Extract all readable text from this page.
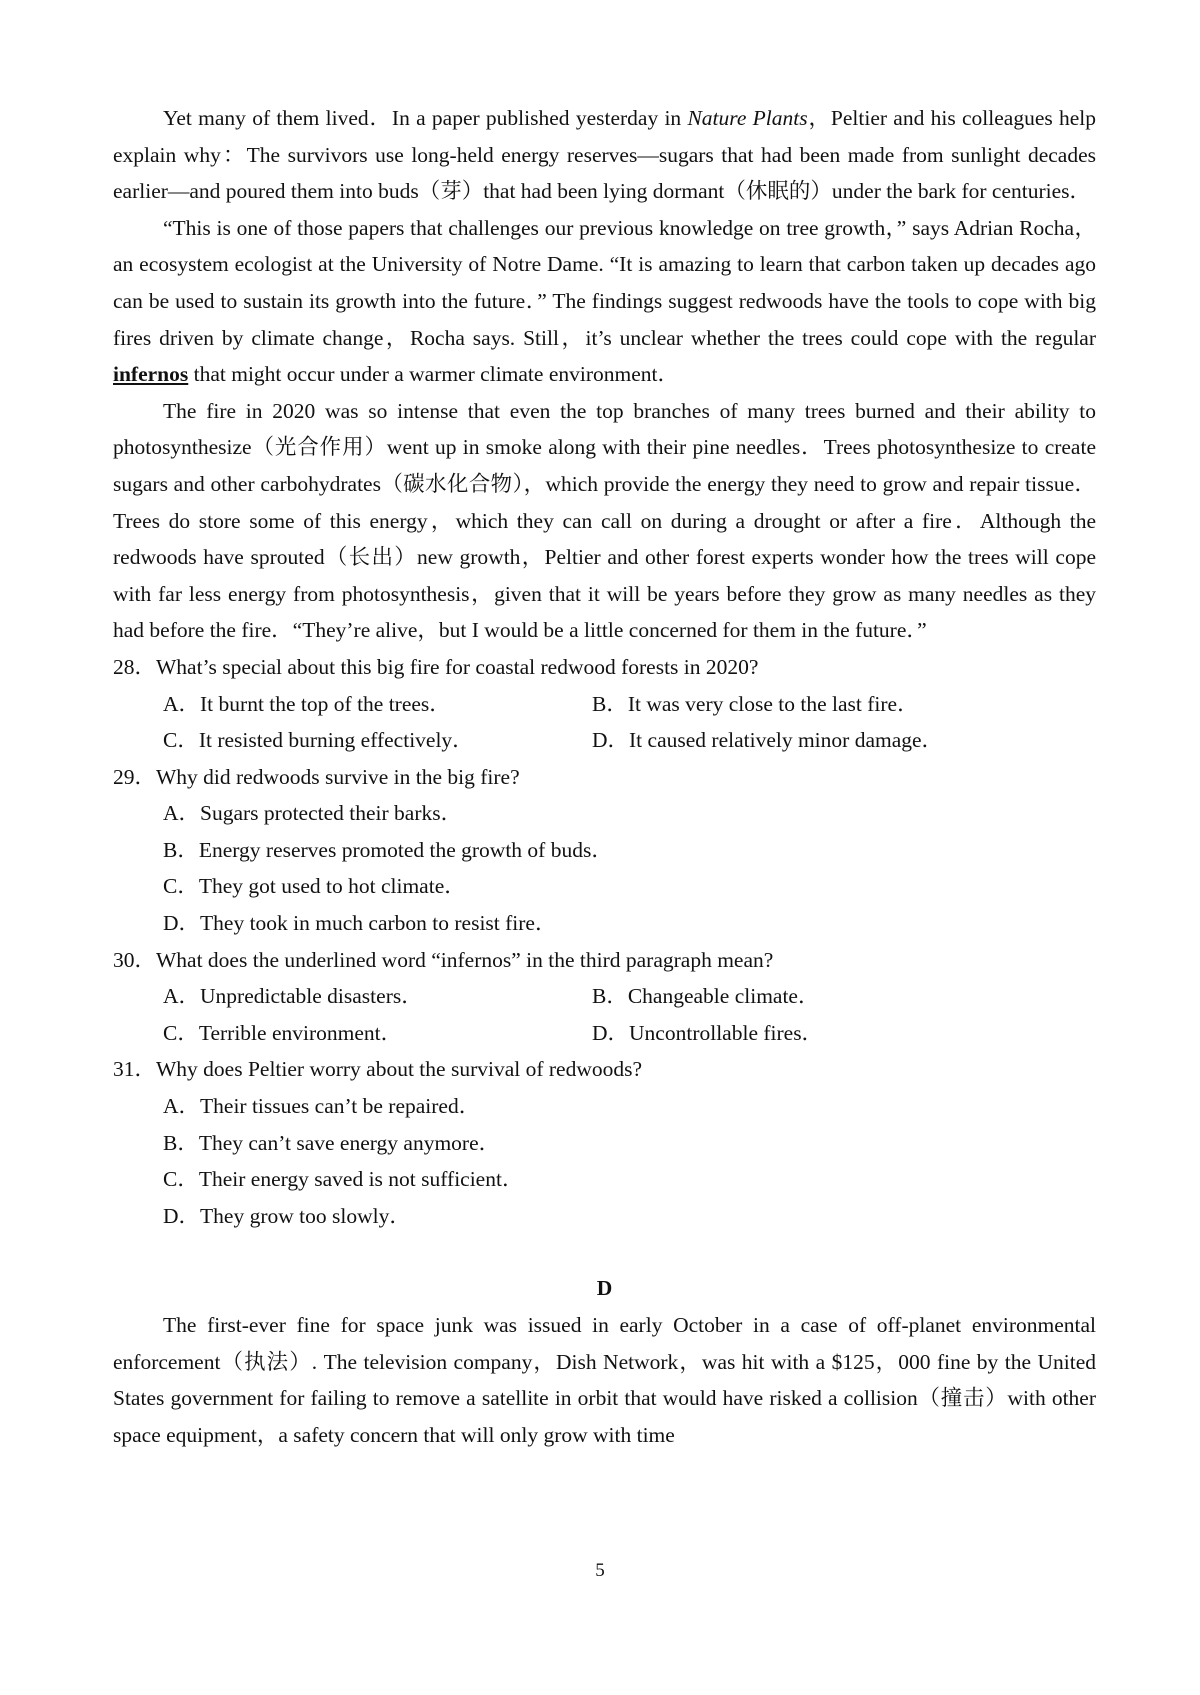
Yet many of them lived．In a paper published yesterday in Nature Plants，Peltier and his colleagues help explain why：The survivors use long-held energy reserves—sugars that had been made from sunlight decades earlier—and poured them into buds（芽）that had been lying dormant（休眠的）under the bark for centuries．

“This is one of those papers that challenges our previous knowledge on tree growth，” says Adrian Rocha，an ecosystem ecologist at the University of Notre Dame. “It is amazing to learn that carbon taken up decades ago can be used to sustain its growth into the future．” The findings suggest redwoods have the tools to cope with big fires driven by climate change，Rocha says. Still，it’s unclear whether the trees could cope with the regular infernos that might occur under a warmer climate environment．

The fire in 2020 was so intense that even the top branches of many trees burned and their ability to photosynthesize（光合作用）went up in smoke along with their pine needles．Trees photosynthesize to create sugars and other carbohydrates（碳水化合物），which provide the energy they need to grow and repair tissue．Trees do store some of this energy，which they can call on during a drought or after a fire．Although the redwoods have sprouted（长出）new growth，Peltier and other forest experts wonder how the trees will cope with far less energy from photosynthesis，given that it will be years before they grow as many needles as they had before the fire．“They’re alive，but I would be a little concerned for them in the future．”

28．What’s special about this big fire for coastal redwood forests in 2020?
A．It burnt the top of the trees．	B．It was very close to the last fire．
C．It resisted burning effectively．	D．It caused relatively minor damage．
29．Why did redwoods survive in the big fire?
A．Sugars protected their barks．
B．Energy reserves promoted the growth of buds．
C．They got used to hot climate．
D．They took in much carbon to resist fire．
30．What does the underlined word “infernos” in the third paragraph mean?
A．Unpredictable disasters．	B．Changeable climate．
C．Terrible environment．	D．Uncontrollable fires．
31．Why does Peltier worry about the survival of redwoods?
A．Their tissues can’t be repaired．
B．They can’t save energy anymore．
C．Their energy saved is not sufficient．
D．They grow too slowly．
D

The first-ever fine for space junk was issued in early October in a case of off-planet environmental enforcement（执法）. The television company，Dish Network，was hit with a $125，000 fine by the United States government for failing to remove a satellite in orbit that would have risked a collision（撞击）with other space equipment，a safety concern that will only grow with time

5
